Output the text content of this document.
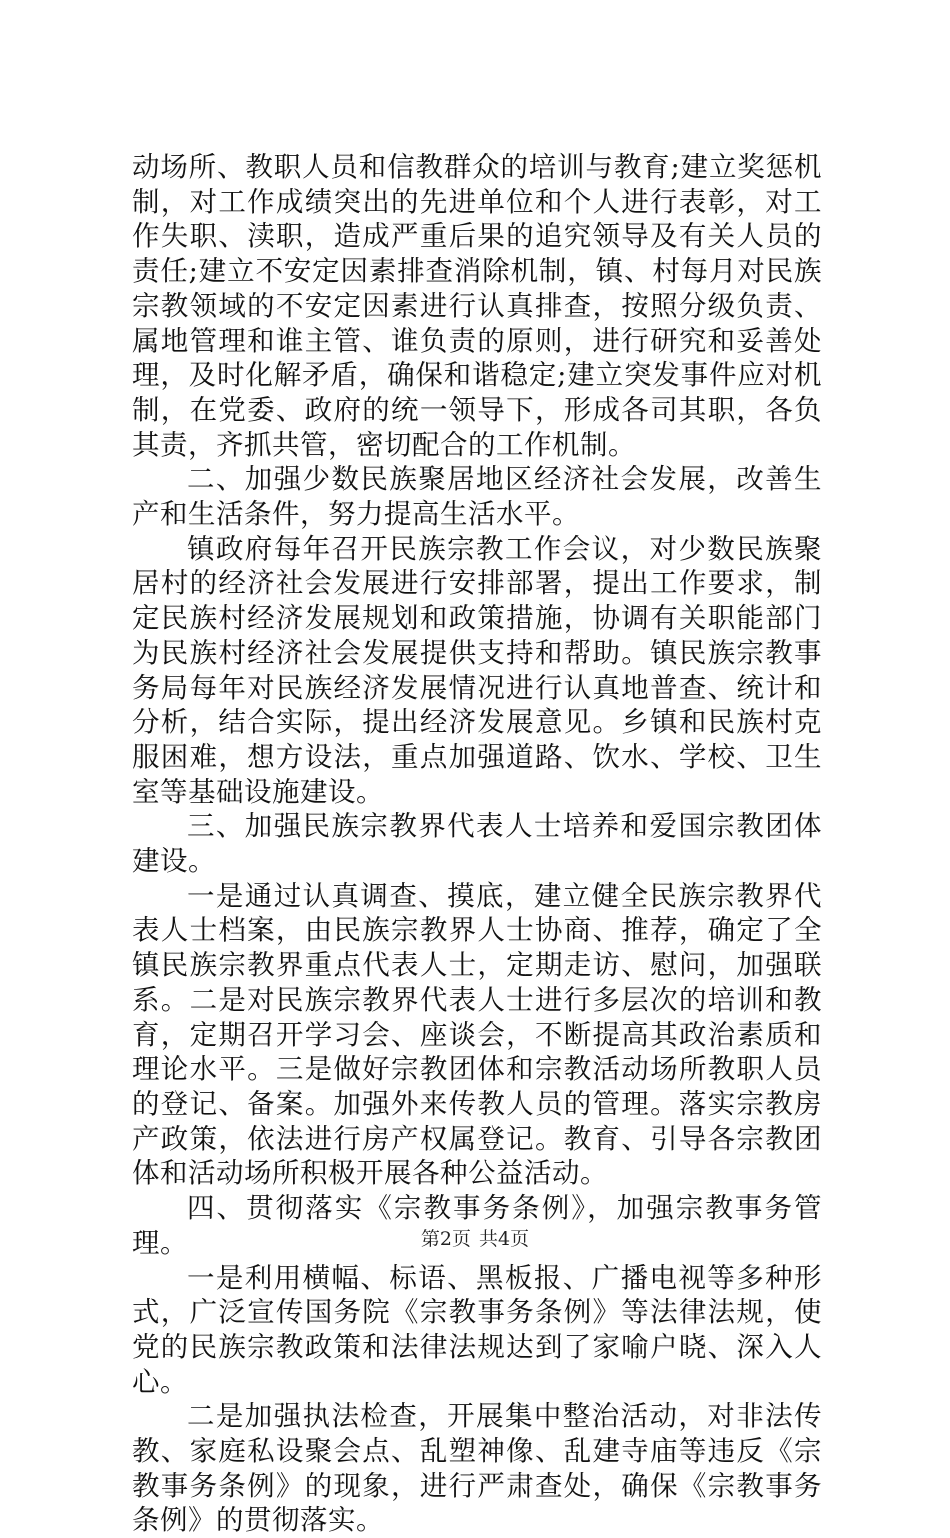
动场所、教职人员和信教群众的培训与教育;建立奖惩机制，对工作成绩突出的先进单位和个人进行表彰，对工作失职、渎职，造成严重后果的追究领导及有关人员的责任;建立不安定因素排查消除机制，镇、村每月对民族宗教领域的不安定因素进行认真排查，按照分级负责、属地管理和谁主管、谁负责的原则，进行研究和妥善处理，及时化解矛盾，确保和谐稳定;建立突发事件应对机制，在党委、政府的统一领导下，形成各司其职，各负其责，齐抓共管，密切配合的工作机制。

二、加强少数民族聚居地区经济社会发展，改善生产和生活条件，努力提高生活水平。

镇政府每年召开民族宗教工作会议，对少数民族聚居村的经济社会发展进行安排部署，提出工作要求，制定民族村经济发展规划和政策措施，协调有关职能部门为民族村经济社会发展提供支持和帮助。镇民族宗教事务局每年对民族经济发展情况进行认真地普查、统计和分析，结合实际，提出经济发展意见。乡镇和民族村克服困难，想方设法，重点加强道路、饮水、学校、卫生室等基础设施建设。

三、加强民族宗教界代表人士培养和爱国宗教团体建设。

一是通过认真调查、摸底，建立健全民族宗教界代表人士档案，由民族宗教界人士协商、推荐，确定了全镇民族宗教界重点代表人士，定期走访、慰问，加强联系。二是对民族宗教界代表人士进行多层次的培训和教育，定期召开学习会、座谈会，不断提高其政治素质和理论水平。三是做好宗教团体和宗教活动场所教职人员的登记、备案。加强外来传教人员的管理。落实宗教房产政策，依法进行房产权属登记。教育、引导各宗教团体和活动场所积极开展各种公益活动。

四、贯彻落实《宗教事务条例》，加强宗教事务管理。

一是利用横幅、标语、黑板报、广播电视等多种形式，广泛宣传国务院《宗教事务条例》等法律法规，使党的民族宗教政策和法律法规达到了家喻户晓、深入人心。

二是加强执法检查，开展集中整治活动，对非法传教、家庭私设聚会点、乱塑神像、乱建寺庙等违反《宗教事务条例》的现象，进行严肃查处，确保《宗教事务条例》的贯彻落实。

第2页 共4页
